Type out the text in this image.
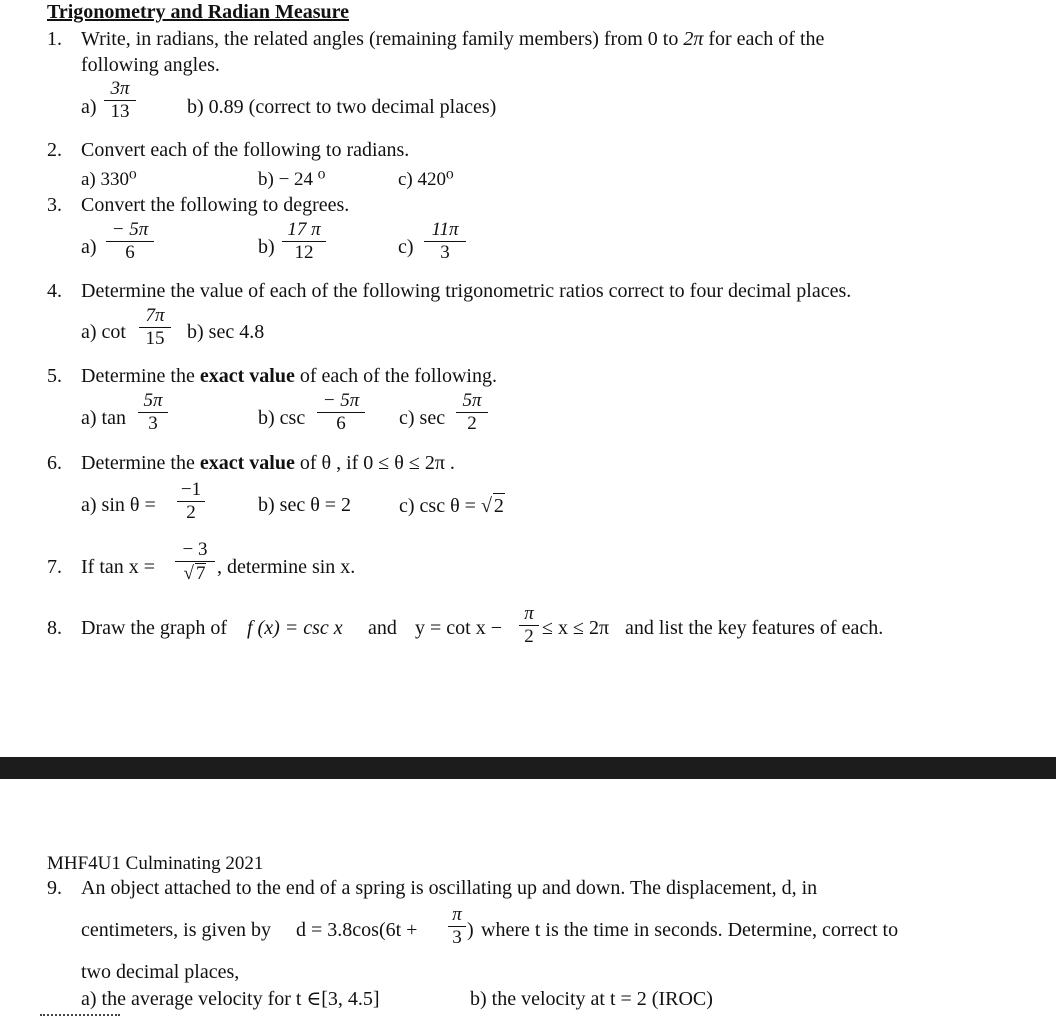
Trigonometry and Radian Measure
1. Write, in radians, the related angles (remaining family members) from 0 to 2π for each of the
following angles.
a)
3π
13	b) 0.89 (correct to two decimal places)
2. Convert each of the following to radians.
a) 330⁰	b) − 24 ⁰	c) 420⁰
3. Convert the following to degrees.
a)
− 5π
6	b)
17 π
12	c)
11π
3
4. Determine the value of each of the following trigonometric ratios correct to four decimal places.
a) cot
7π
15	b) sec 4.8
5. Determine the exact value of each of the following.
a) tan
5π
3	b) csc
− 5π
6	c) sec
5π
2
6. Determine the exact value of θ , if 0 ≤ θ ≤ 2π .
a) sin θ =
−1
2	b) sec θ = 2 c) csc θ = √ 2
7. If tan x =
− 3
√ 7 , determine sin x.
8. Draw the graph of f (x) = csc x and y = cot x −
π
2 ≤ x ≤ 2π and list the key features of each.
MHF4U1 Culminating 2021
9. An object attached to the end of a spring is oscillating up and down. The displacement, d, in
centimeters, is given by d = 3.8cos(6t +
π
3 ) where t is the time in seconds. Determine, correct to
two decimal places,
a) the average velocity for t ∈[3, 4.5]	b) the velocity at t = 2 (IROC)
